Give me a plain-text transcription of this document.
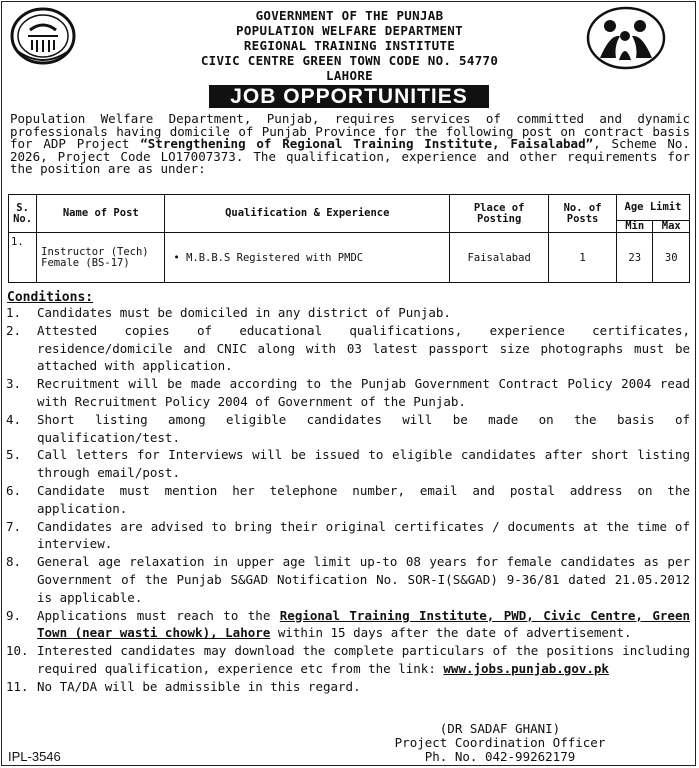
GOVERNMENT OF THE PUNJAB
POPULATION WELFARE DEPARTMENT
REGIONAL TRAINING INSTITUTE
CIVIC CENTRE GREEN TOWN CODE NO. 54770
LAHORE
JOB OPPORTUNITIES
Population Welfare Department, Punjab, requires services of committed and dynamic professionals having domicile of Punjab Province for the following post on contract basis for ADP Project “Strengthening of Regional Training Institute, Faisalabad”, Scheme No. 2026, Project Code LO17007373. The qualification, experience and other requirements for the position are as under:
S. No.	Name of Post	Qualification & Experience	Place of Posting	No. of Posts	Age Limit	
					Min	Max
1.	Instructor (Tech) Female (BS-17)	• M.B.B.S Registered with PMDC	Faisalabad	1	23	30
Conditions:
1. Candidates must be domiciled in any district of Punjab.
2. Attested copies of educational qualifications, experience certificates, residence/domicile and CNIC along with 03 latest passport size photographs must be attached with application.
3. Recruitment will be made according to the Punjab Government Contract Policy 2004 read with Recruitment Policy 2004 of Government of the Punjab.
4. Short listing among eligible candidates will be made on the basis of qualification/test.
5. Call letters for Interviews will be issued to eligible candidates after short listing through email/post.
6. Candidate must mention her telephone number, email and postal address on the application.
7. Candidates are advised to bring their original certificates / documents at the time of interview.
8. General age relaxation in upper age limit up-to 08 years for female candidates as per Government of the Punjab S&GAD Notification No. SOR-I(S&GAD) 9-36/81 dated 21.05.2012 is applicable.
9. Applications must reach to the Regional Training Institute, PWD, Civic Centre, Green Town (near wasti chowk), Lahore within 15 days after the date of advertisement.
10. Interested candidates may download the complete particulars of the positions including required qualification, experience etc from the link: www.jobs.punjab.gov.pk
11. No TA/DA will be admissible in this regard.
(DR SADAF GHANI)
Project Coordination Officer
Ph. No. 042-99262179
IPL-3546
